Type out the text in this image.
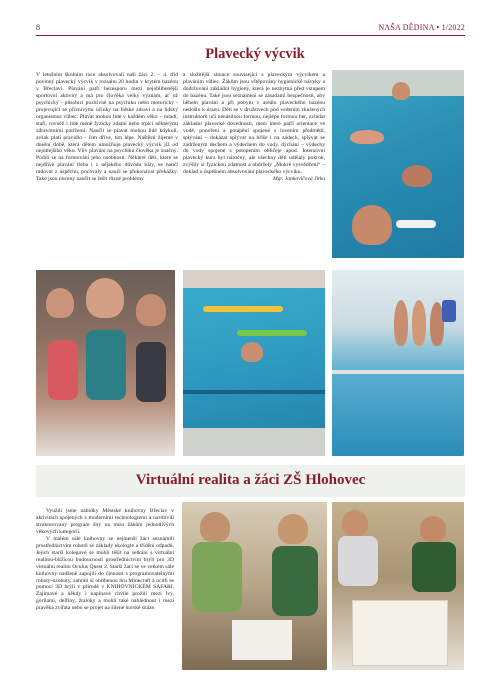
8	NAŠA DĚDINA • 1/2022
Plavecký výcvik
V letošním školním roce absolvovali naši žáci 2. – 4. tříd povinný plavecký výcvik v rozsahu 20 hodin v krytém bazénu v Břeclavi. Plavání patří bezesporu mezi nejoblíbenější sportovní aktivity a má pro člověka velký význam, ať už psychický - působící pozitivně na psychiku nebo motorický - projevující se příznivými účinky na lidské zdraví a na lidský organismus vůbec. Plavat mohou lidé v každém věku – mladí, staří, rovněž i lidé méně fyzicky zdatní nebo trpící některými zdravotními potížemi. Naučit se plavat mohou lidé kdykoli, avšak platí pravidlo - čím dříve, tím lépe. Naštěstí žijeme v dnešní době, která dětem umožňuje plavecký výcvik již od nejútlejšího věku. Vliv plavání na psychiku člověka je značný. Podílí se na formování jeho osobnosti. Některé děti, které se nejdříve plavání třeba i z nějakého důvodu bály, se naučí radovat z úspěchu, pochvaly a naučí se překonávat překážky. Také jsou nuceny naučit se řešit různé problémy
a složitější situace související s plaveckým výcvikem a plaváním vůbec. Žákům jsou vštěpovány hygienické návyky a dodržování základní hygieny, která je nezbytná před vstupem do bazénu. Také jsou seznámeni se zásadami bezpečnosti, aby během plavání a při pobytu v areálu plaveckého bazénu nedošlo k úrazu. Děti se v družstvech pod vedením zkušených instruktorů učí nenásilnou formou, nejlépe formou her, zvládat základní plavecké dovednosti, mezi které patří orientace ve vodě, ponoření a potápění spojené s lovením předmětů, splývání – dokázat splývat na břiše i na zádech, splývat se zadrženým dechem a výdechem do vody, dýchání – výdechy do vody spojené s potopením obličeje apod. Intenzivní plavecký kurz byl náročný, ale všechny děti udělaly pokrok, zvýšily si fyzickou zdatnost a obdržely „Mokré vysvědčení“ – doklad o úspěšném absolvování plaveckého výcviku.
Mgr. Jankovičová Jitka
Virtuální realita a žáci ZŠ Hlohovec

Využili jsme nabídky Městské knihovny Břeclav v aktivitách spojených s moderními technologiemi a navštívili strukturovaný program šitý na míru žákům jednotlivých věkových kategorií.

V malém sále knihovny se nejmenší žáci seznámili prostřednictvím robotů se základy ekologie a třídění odpadů. Jejich starší kolegové se mohli těšit na setkání s virtuální realitou-blížícou budoucností prostřednictvím brýlí pro 3D virtuální realitu Oculus Quest 2. Starší žáci se ve velkém sále knihovny nadšeně zapojili do činnosti s programovatelnými roboty-ozoboty, zahráli si oblíbenou hru Minecraft a ocitli se pomocí 3D brýlí v přírodě v KNIHOVNICKÉM SAFARI. Zajímavé a někdy i napínavé chvíle prožili mezi lvy, gorilami, delfíny, žraloky a mohli také nahlédnout i mezi pravěká zvířata nebo se projet na šílené horské dráze.
